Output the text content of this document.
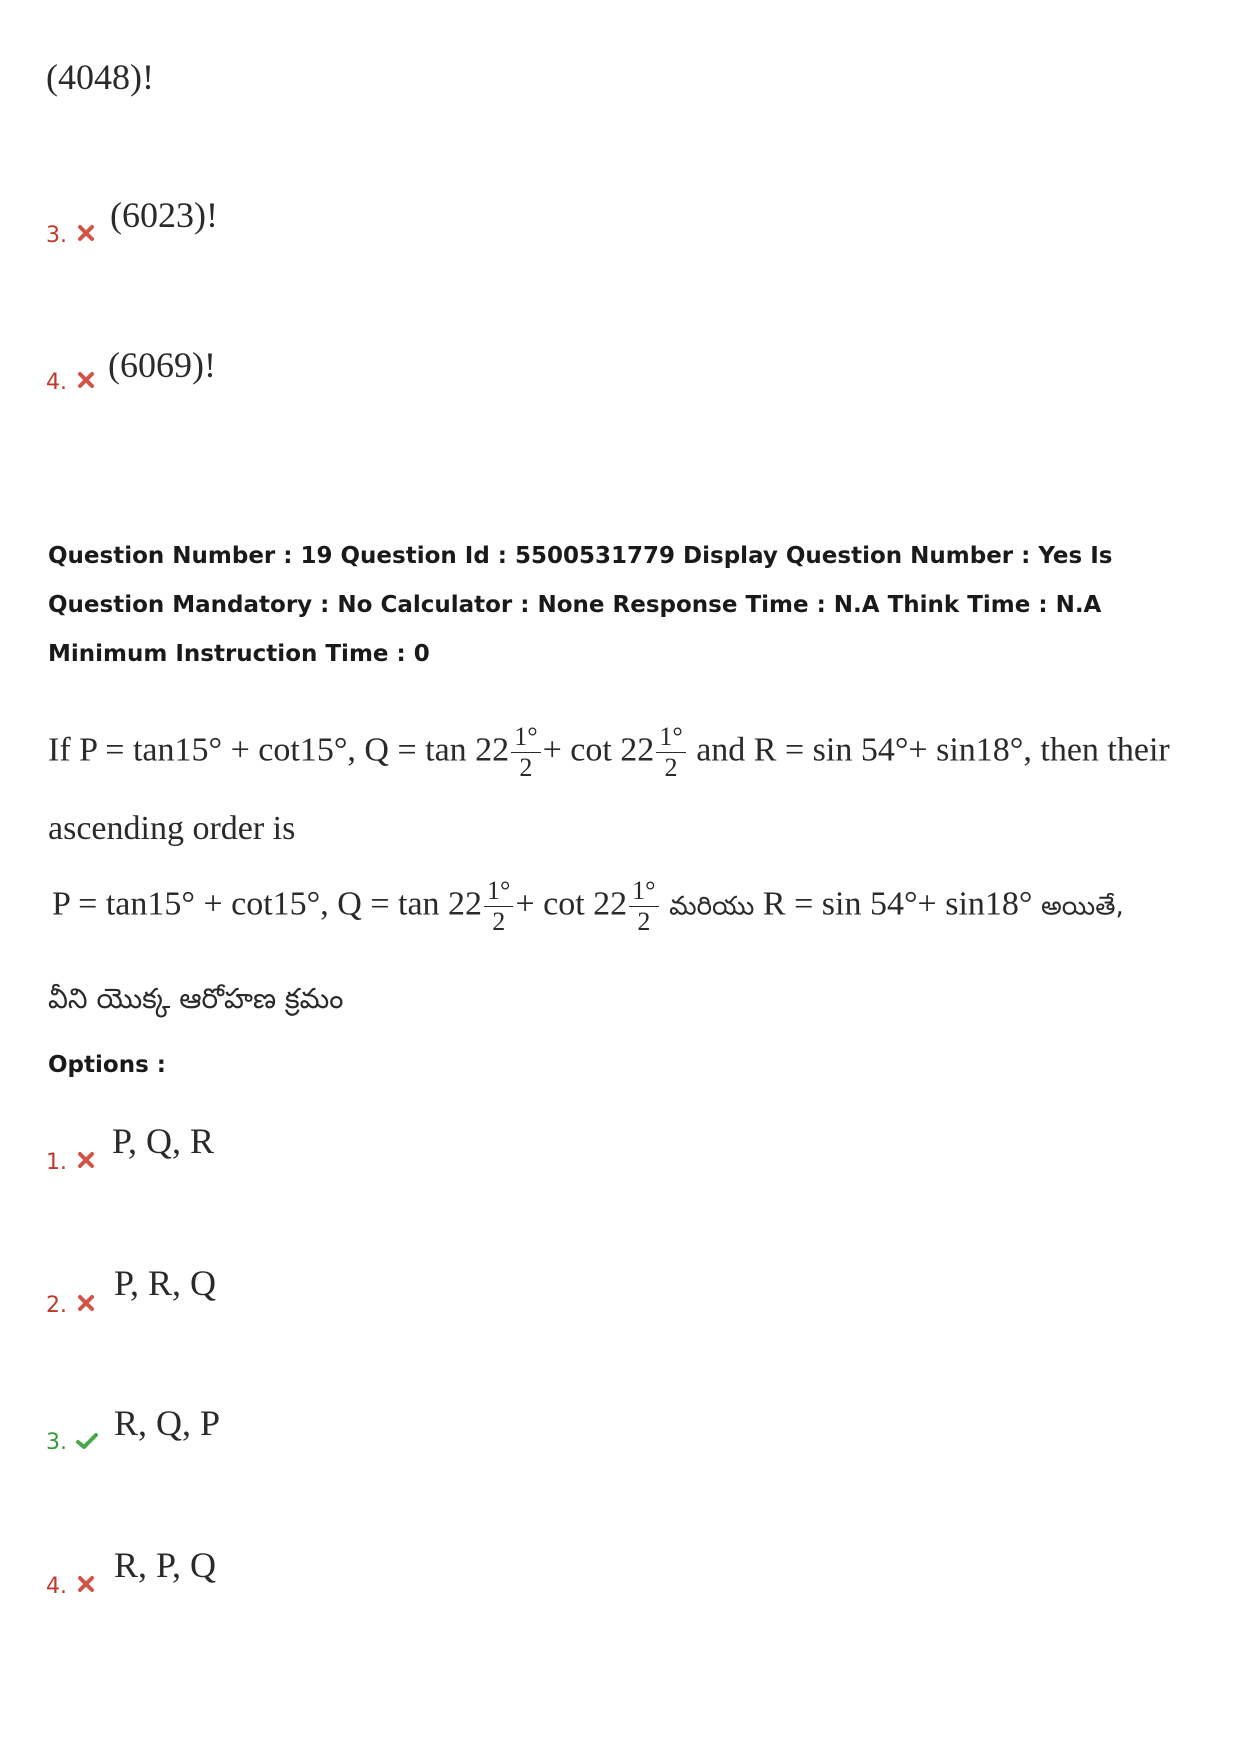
(4048)!
3.
(6023)!
4. (6069)!
Question Number : 19 Question Id : 5500531779 Display Question Number : Yes Is Question Mandatory : No Calculator : None Response Time : N.A Think Time : N.A Minimum Instruction Time : 0
If P = tan15° + cot15°, $Q = \tan 22 \frac{1^\circ}{2} + \cot 22 \frac{1^\circ}{2}$ and R = sin 54°+ sin18°, then their
ascending order is
P = tan15° + cot15°, $Q = \tan 22 \frac{1^\circ}{2} + \cot 22 \frac{1^\circ}{2}$ మరియు R = sin 54°+ sin18° అయితే,
వీని యొక్క ఆరోహణ క్రమం
Options :
1.
P, Q, R
2.
P, R, Q
3. R, Q, P
4.
R, P, Q
